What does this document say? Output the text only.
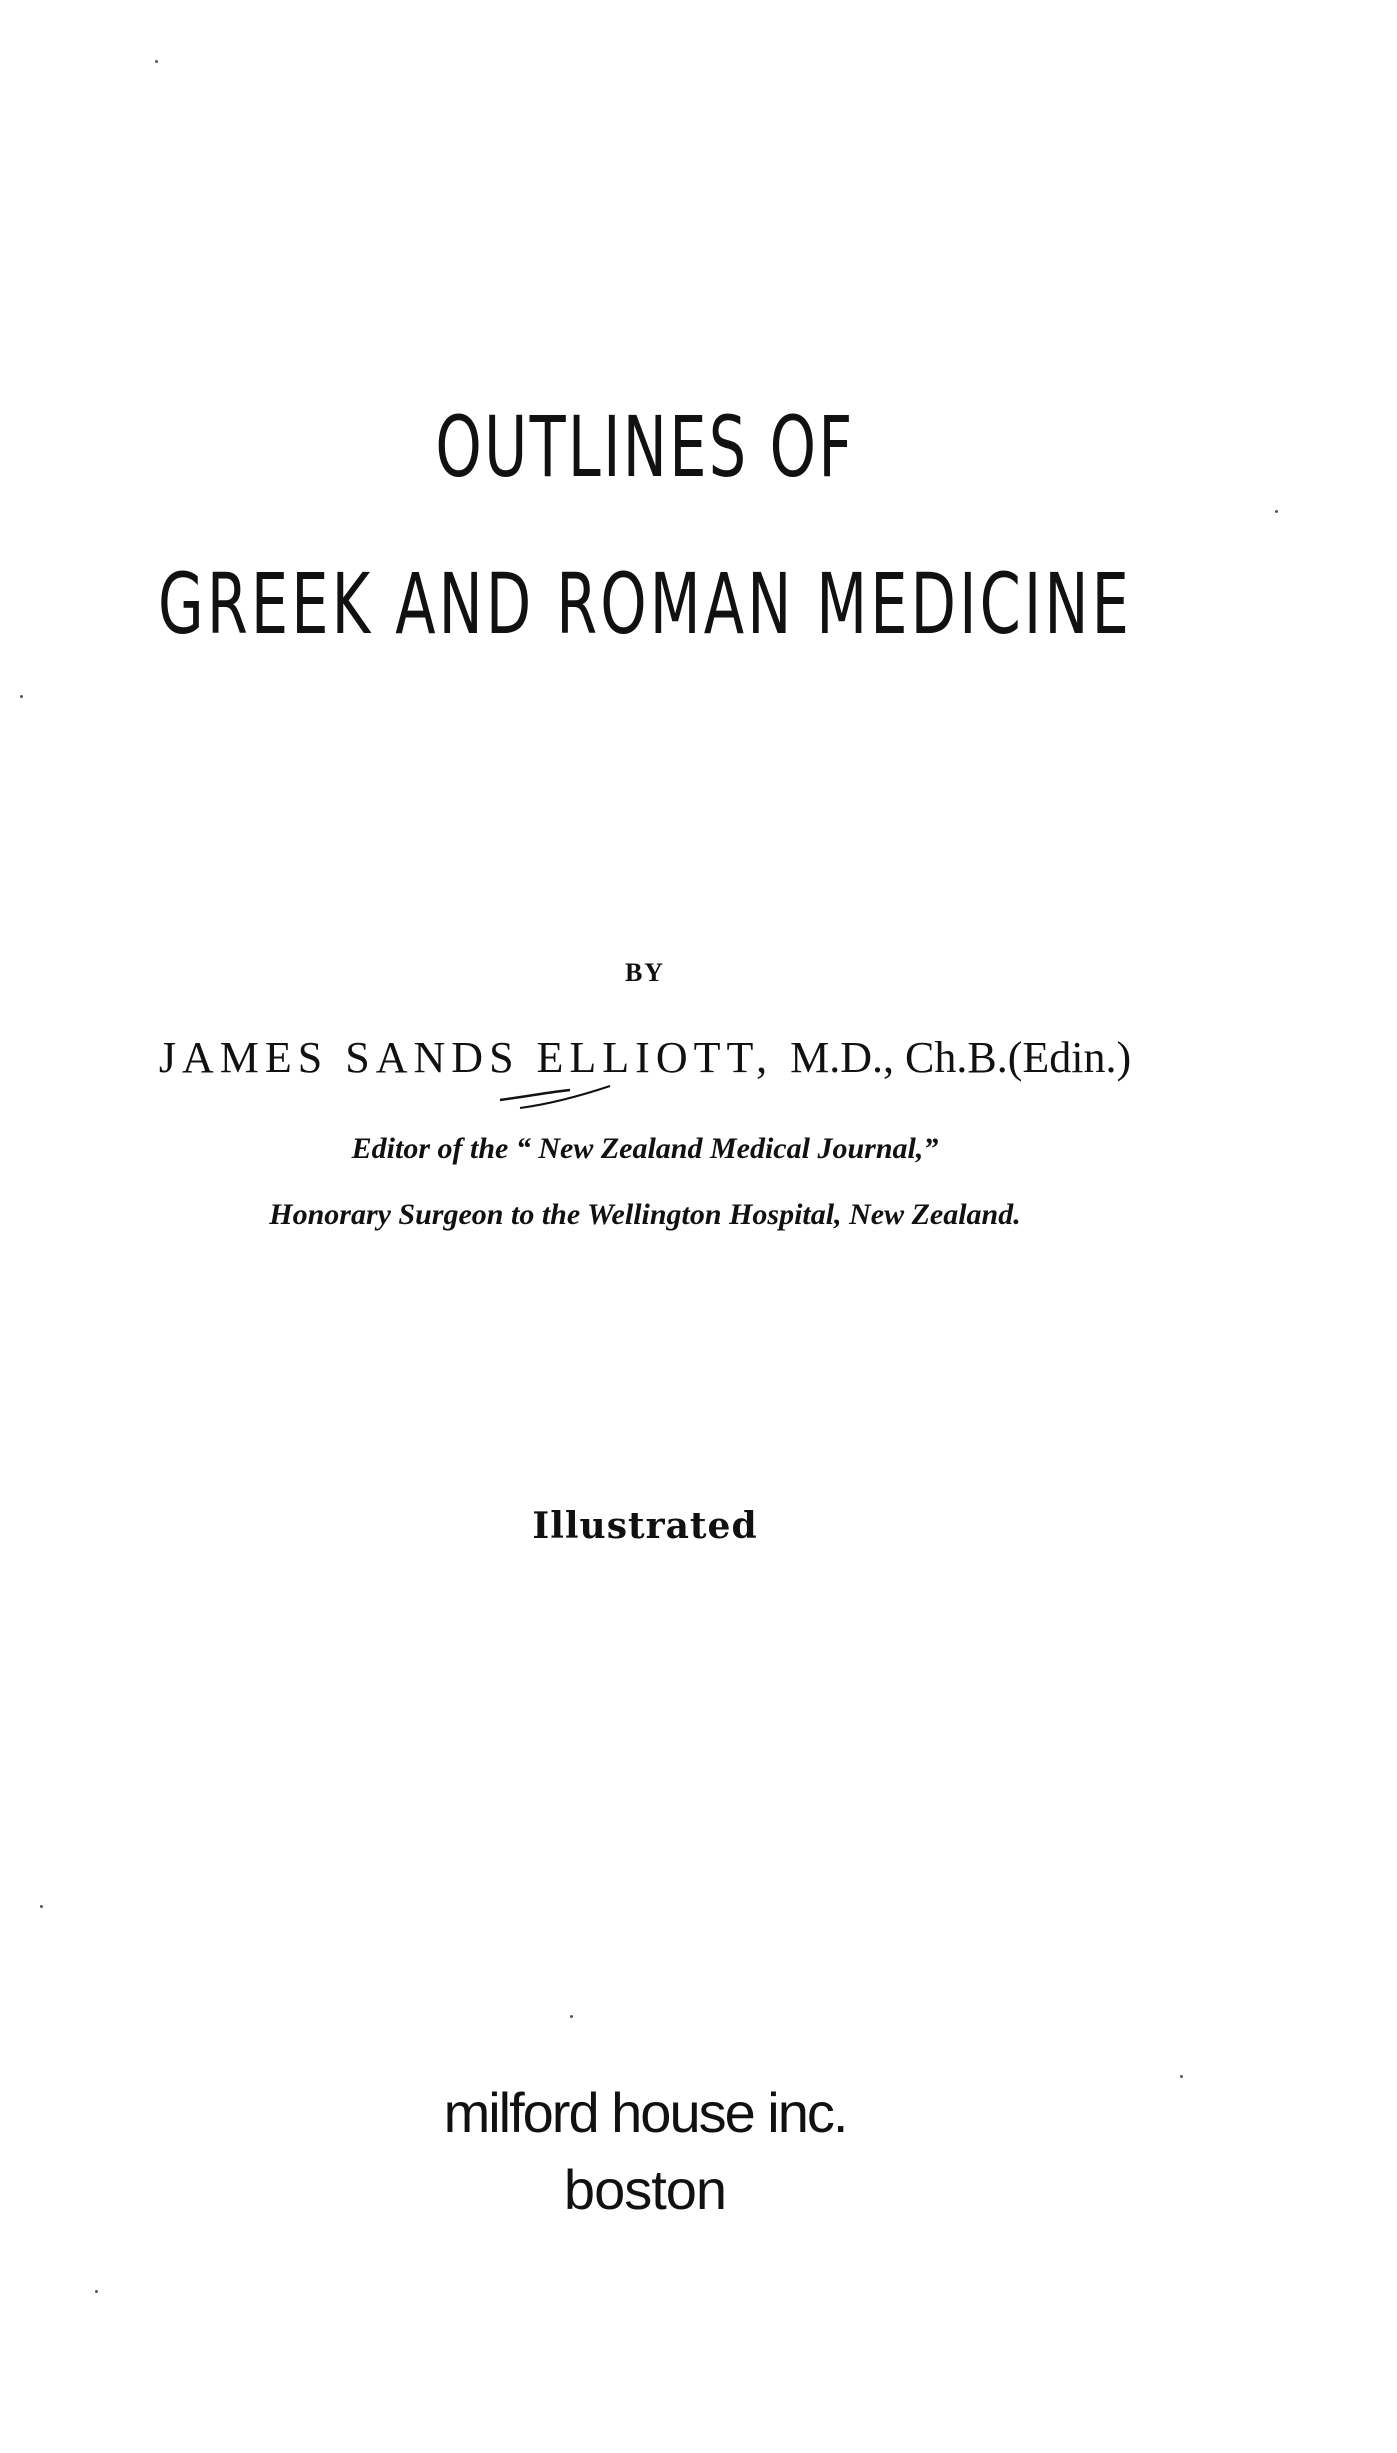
OUTLINES OF
GREEK AND ROMAN MEDICINE
BY
JAMES SANDS ELLIOTT, M.D., Ch.B.(Edin.)
Editor of the “ New Zealand Medical Journal,”
Honorary Surgeon to the Wellington Hospital, New Zealand.
Illustrated
milford house inc.
boston
